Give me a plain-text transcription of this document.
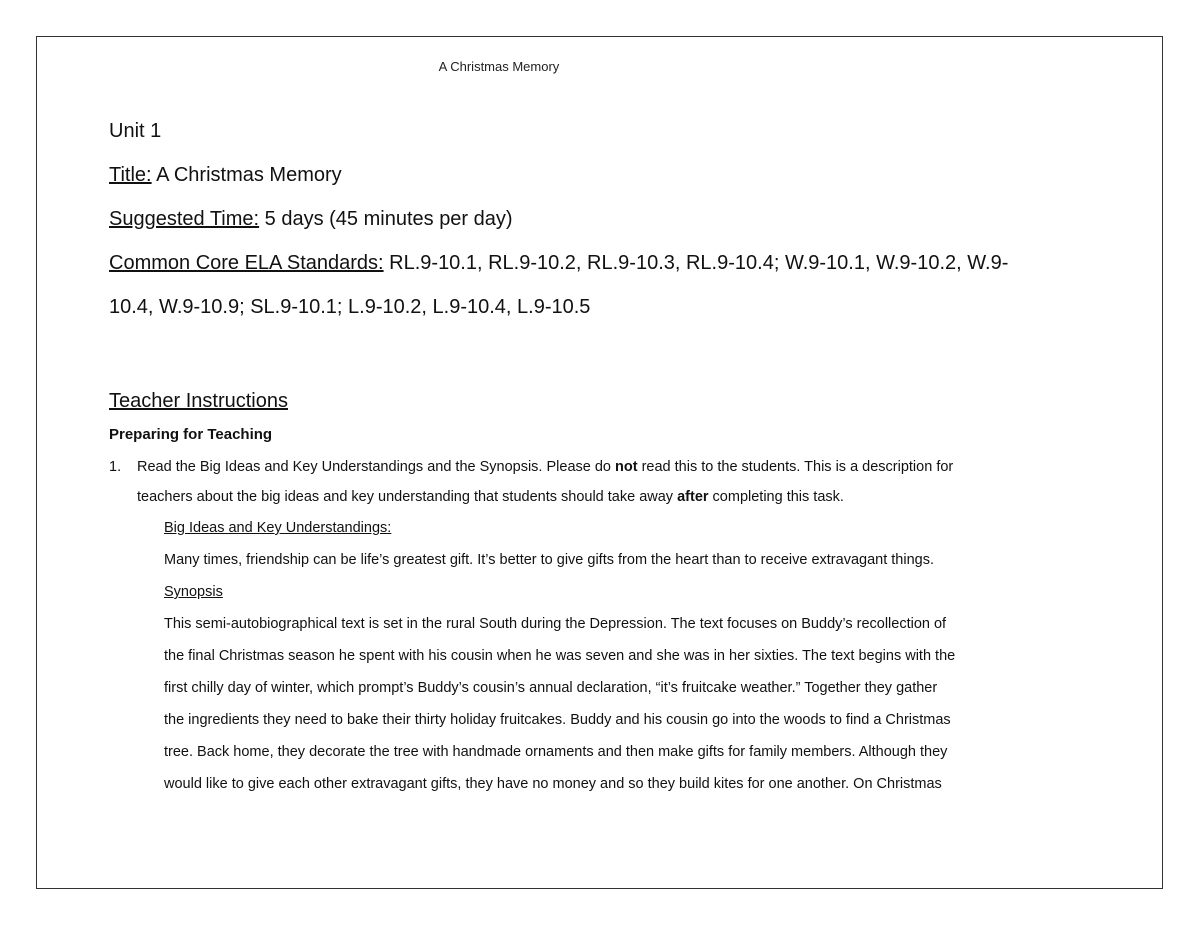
A Christmas Memory

Unit 1

Title: A Christmas Memory

Suggested Time: 5 days (45 minutes per day)

Common Core ELA Standards: RL.9-10.1, RL.9-10.2, RL.9-10.3, RL.9-10.4; W.9-10.1, W.9-10.2, W.9-

10.4, W.9-10.9; SL.9-10.1; L.9-10.2, L.9-10.4, L.9-10.5

Teacher Instructions

Preparing for Teaching

1. Read the Big Ideas and Key Understandings and the Synopsis. Please do not read this to the students. This is a description for

teachers about the big ideas and key understanding that students should take away after completing this task.

Big Ideas and Key Understandings:

Many times, friendship can be life’s greatest gift. It’s better to give gifts from the heart than to receive extravagant things.

Synopsis

This semi-autobiographical text is set in the rural South during the Depression. The text focuses on Buddy’s recollection of

the final Christmas season he spent with his cousin when he was seven and she was in her sixties. The text begins with the

first chilly day of winter, which prompt’s Buddy’s cousin’s annual declaration, “it’s fruitcake weather.” Together they gather

the ingredients they need to bake their thirty holiday fruitcakes. Buddy and his cousin go into the woods to find a Christmas

tree. Back home, they decorate the tree with handmade ornaments and then make gifts for family members. Although they

would like to give each other extravagant gifts, they have no money and so they build kites for one another. On Christmas
